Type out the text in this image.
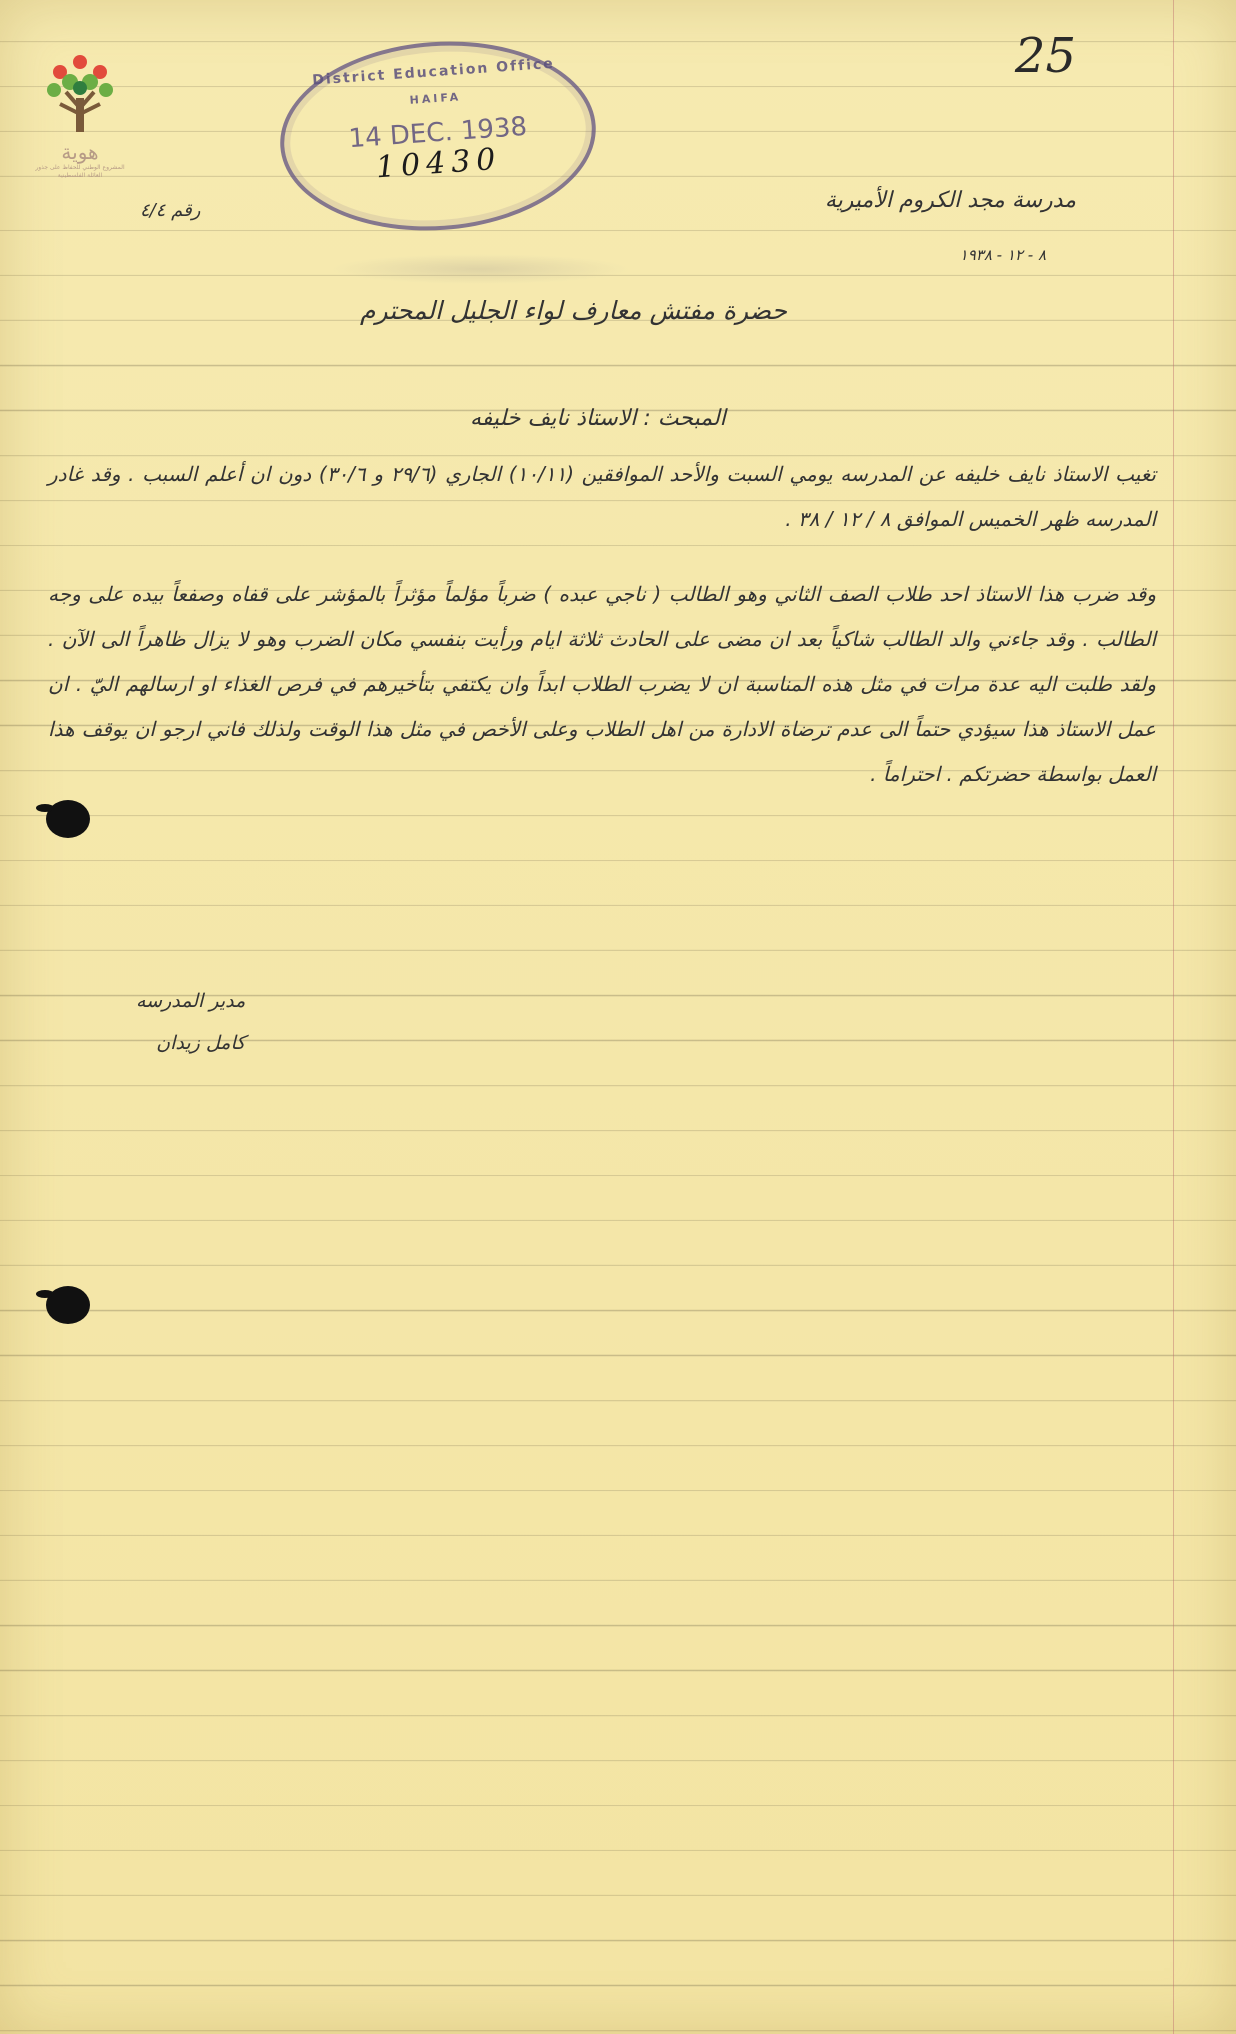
هوية
المشروع الوطني للحفاظ على جذور العائلة الفلسطينية
District Education Office
HAIFA
14 DEC. 1938
10430
25
رقم ٤/٤	مدرسة مجد الكروم الأميرية
٨ - ١٢ - ١٩٣٨
حضرة مفتش معارف لواء الجليل المحترم
المبحث : الاستاذ نايف خليفه

تغيب الاستاذ نايف خليفه عن المدرسه يومي السبت والأحد الموافقين (١٠/١١) الجاري (٢٩/٦ و ٣٠/٦) دون ان أعلم السبب . وقد غادر المدرسه ظهر الخميس الموافق ٨ / ١٢ / ٣٨ .

وقد ضرب هذا الاستاذ احد طلاب الصف الثاني وهو الطالب ( ناجي عبده ) ضرباً مؤلماً مؤثراً بالمؤشر على قفاه وصفعاً بيده على وجه الطالب . وقد جاءني والد الطالب شاكياً بعد ان مضى على الحادث ثلاثة ايام ورأيت بنفسي مكان الضرب وهو لا يزال ظاهراً الى الآن . ولقد طلبت اليه عدة مرات في مثل هذه المناسبة ان لا يضرب الطلاب ابداً وان يكتفي بتأخيرهم في فرص الغذاء او ارسالهم اليّ . ان عمل الاستاذ هذا سيؤدي حتماً الى عدم ترضاة الادارة من اهل الطلاب وعلى الأخص في مثل هذا الوقت ولذلك فاني ارجو ان يوقف هذا العمل بواسطة حضرتكم . احتراماً .

مدير المدرسه
كامل زيدان
